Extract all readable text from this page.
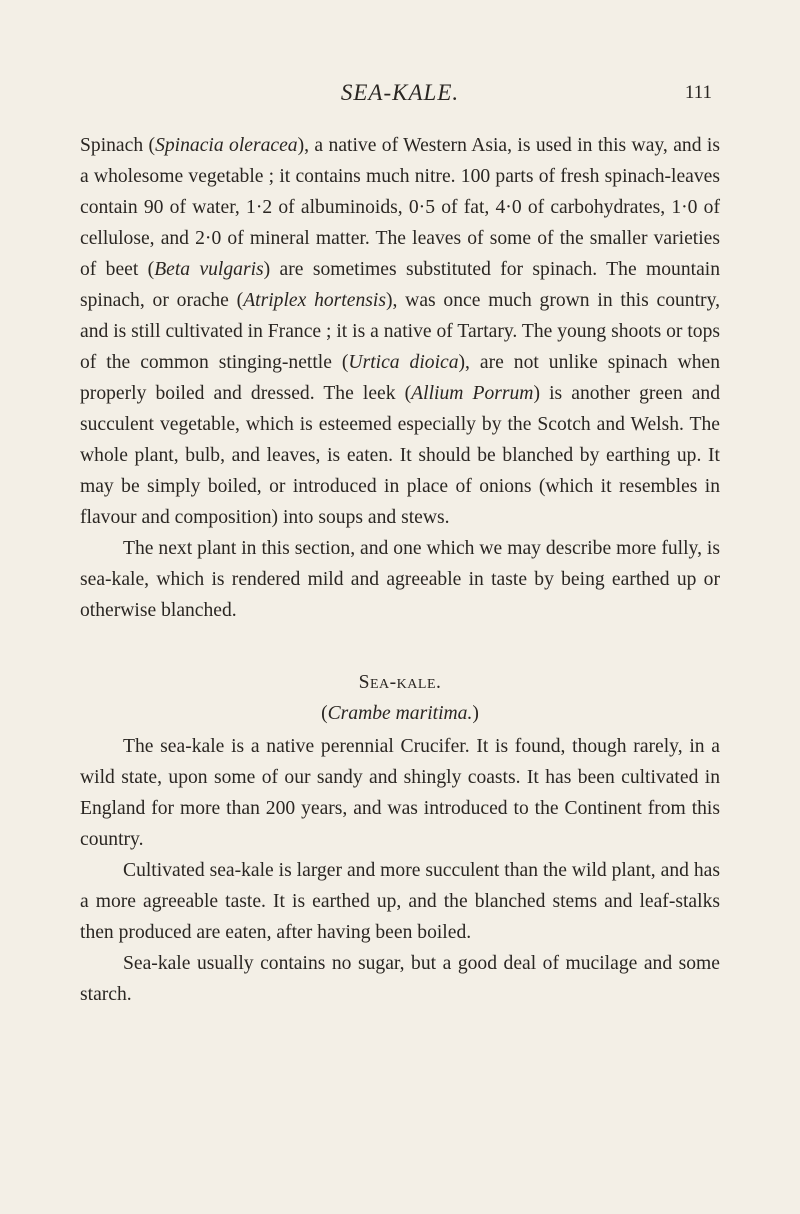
SEA-KALE.	111

Spinach (Spinacia oleracea), a native of Western Asia, is used in this way, and is a wholesome vegetable ; it contains much nitre. 100 parts of fresh spinach-leaves contain 90 of water, 1·2 of albuminoids, 0·5 of fat, 4·0 of carbohydrates, 1·0 of cellulose, and 2·0 of mineral matter. The leaves of some of the smaller varieties of beet (Beta vulgaris) are sometimes substituted for spinach. The mountain spinach, or orache (Atriplex hortensis), was once much grown in this country, and is still cultivated in France ; it is a native of Tartary. The young shoots or tops of the common stinging-nettle (Urtica dioica), are not unlike spinach when properly boiled and dressed. The leek (Allium Porrum) is another green and succulent vegetable, which is esteemed especially by the Scotch and Welsh. The whole plant, bulb, and leaves, is eaten. It should be blanched by earthing up. It may be simply boiled, or introduced in place of onions (which it resembles in flavour and composition) into soups and stews.

The next plant in this section, and one which we may describe more fully, is sea-kale, which is rendered mild and agreeable in taste by being earthed up or otherwise blanched.

Sea-kale.

(Crambe maritima.)

The sea-kale is a native perennial Crucifer. It is found, though rarely, in a wild state, upon some of our sandy and shingly coasts. It has been cultivated in England for more than 200 years, and was introduced to the Continent from this country.

Cultivated sea-kale is larger and more succulent than the wild plant, and has a more agreeable taste. It is earthed up, and the blanched stems and leaf-stalks then produced are eaten, after having been boiled.

Sea-kale usually contains no sugar, but a good deal of mucilage and some starch.
